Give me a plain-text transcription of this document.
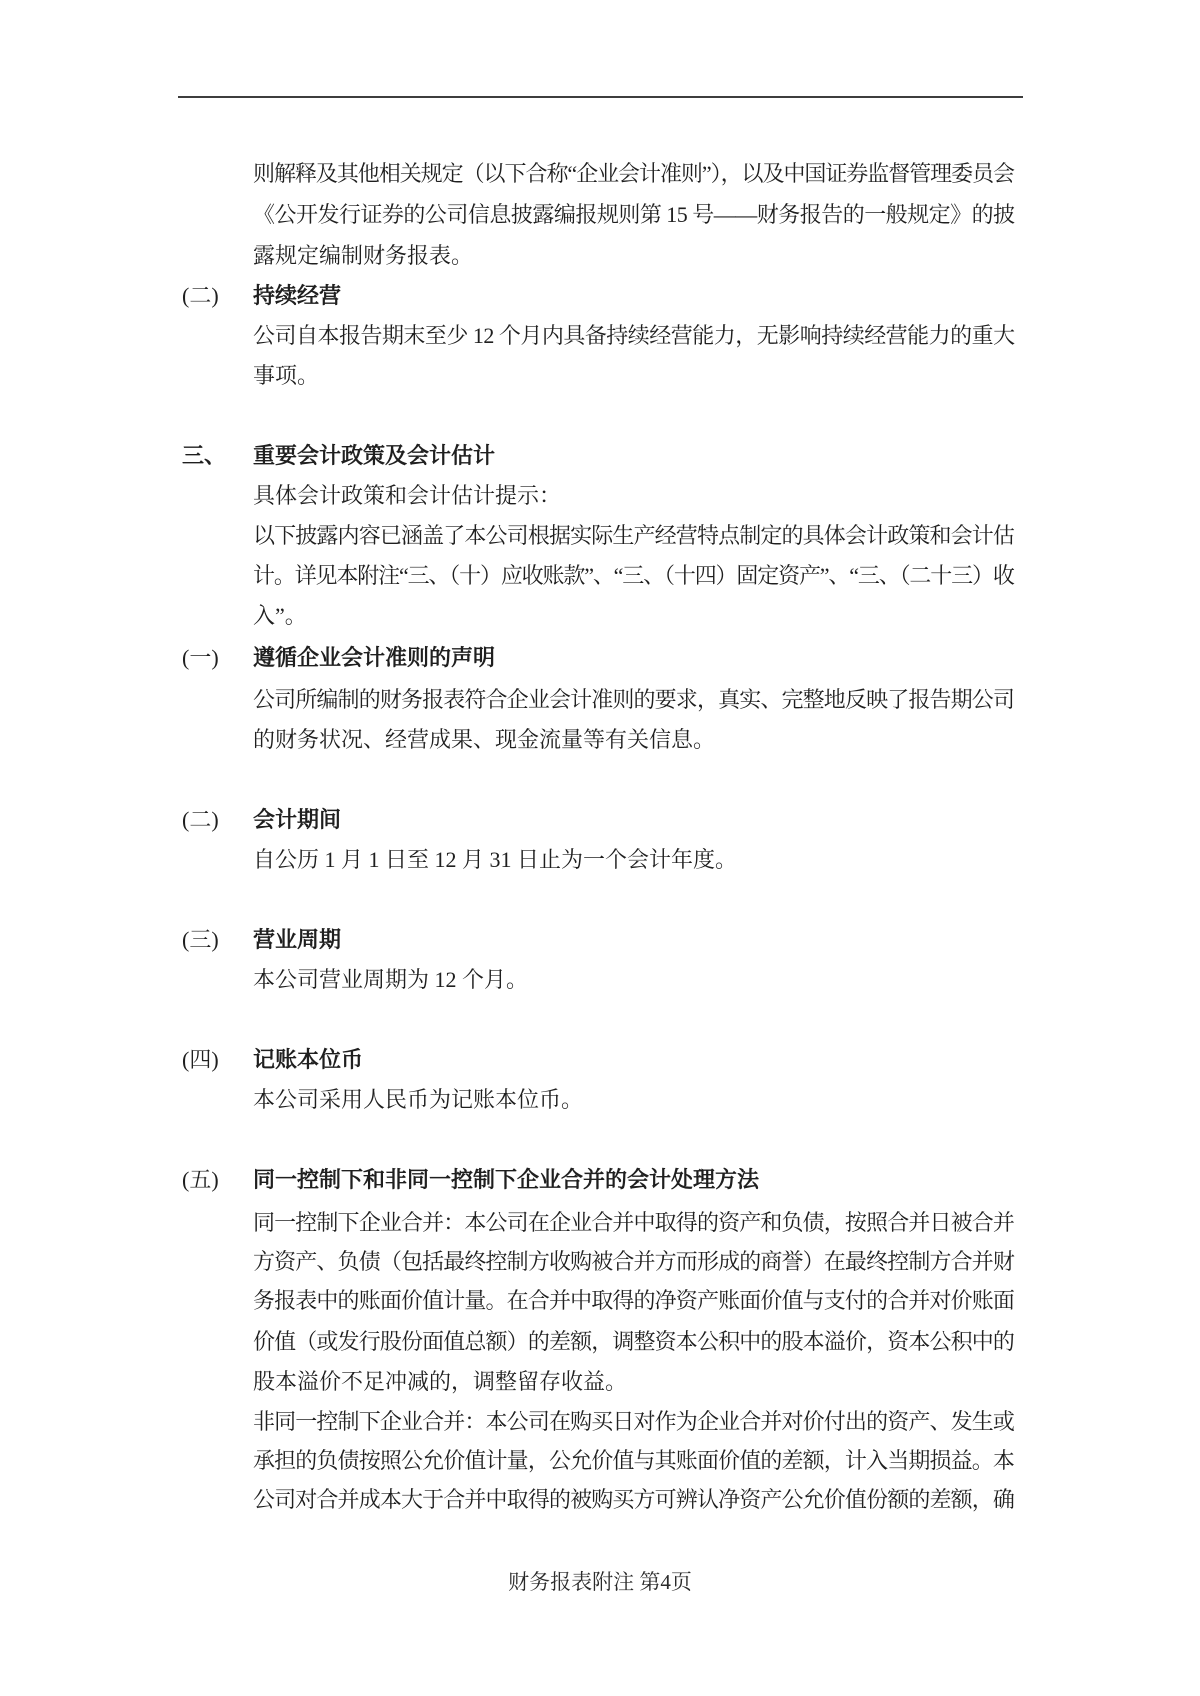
则解释及其他相关规定（以下合称“企业会计准则”），以及中国证券监督管理委员会
《公开发行证券的公司信息披露编报规则第 15 号——财务报告的一般规定》的披
露规定编制财务报表。
(二) 持续经营
公司自本报告期末至少 12 个月内具备持续经营能力，无影响持续经营能力的重大
事项。
三、 重要会计政策及会计估计
具体会计政策和会计估计提示：
以下披露内容已涵盖了本公司根据实际生产经营特点制定的具体会计政策和会计估
计。详见本附注“三、（十）应收账款”、“三、（十四）固定资产”、“三、（二十三）收
入”。
(一) 遵循企业会计准则的声明
公司所编制的财务报表符合企业会计准则的要求，真实、完整地反映了报告期公司
的财务状况、经营成果、现金流量等有关信息。
(二) 会计期间
自公历 1 月 1 日至 12 月 31 日止为一个会计年度。
(三) 营业周期
本公司营业周期为 12 个月。
(四) 记账本位币
本公司采用人民币为记账本位币。
(五) 同一控制下和非同一控制下企业合并的会计处理方法
同一控制下企业合并：本公司在企业合并中取得的资产和负债，按照合并日被合并
方资产、负债（包括最终控制方收购被合并方而形成的商誉）在最终控制方合并财
务报表中的账面价值计量。在合并中取得的净资产账面价值与支付的合并对价账面
价值（或发行股份面值总额）的差额，调整资本公积中的股本溢价，资本公积中的
股本溢价不足冲减的，调整留存收益。
非同一控制下企业合并：本公司在购买日对作为企业合并对价付出的资产、发生或
承担的负债按照公允价值计量，公允价值与其账面价值的差额，计入当期损益。本
公司对合并成本大于合并中取得的被购买方可辨认净资产公允价值份额的差额，确
财务报表附注 第4页
